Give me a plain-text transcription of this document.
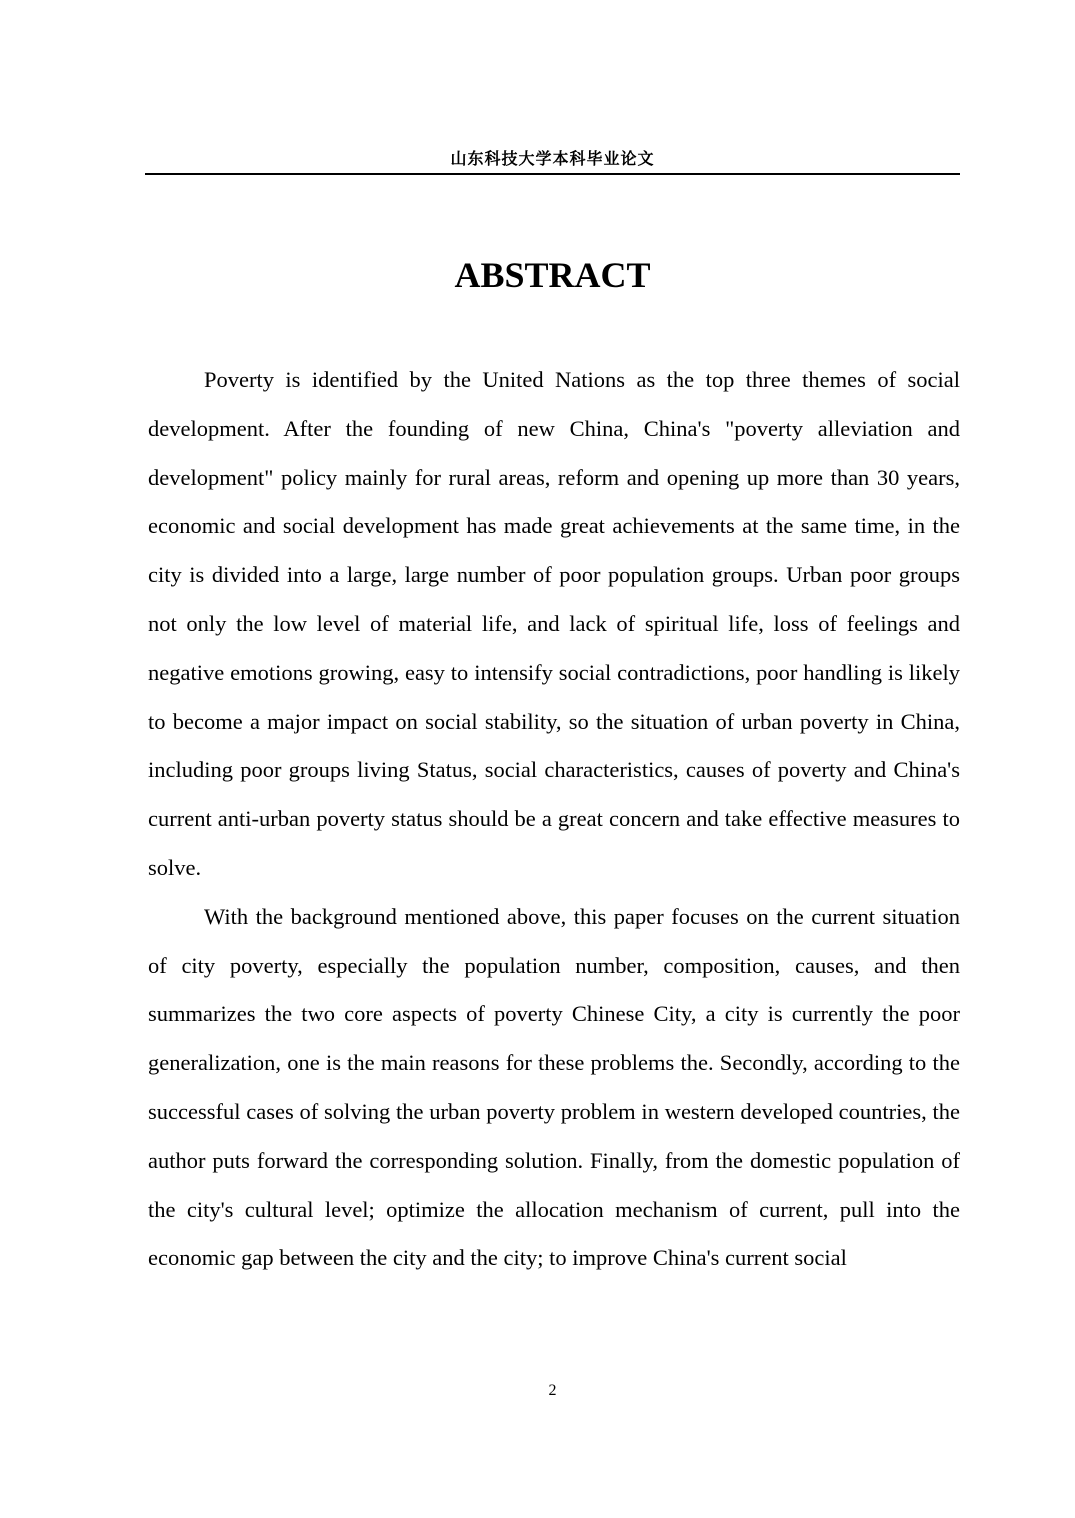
山东科技大学本科毕业论文
ABSTRACT

Poverty is identified by the United Nations as the top three themes of social development. After the founding of new China, China's "poverty alleviation and development" policy mainly for rural areas, reform and opening up more than 30 years, economic and social development has made great achievements at the same time, in the city is divided into a large, large number of poor population groups. Urban poor groups not only the low level of material life, and lack of spiritual life, loss of feelings and negative emotions growing, easy to intensify social contradictions, poor handling is likely to become a major impact on social stability, so the situation of urban poverty in China, including poor groups living Status, social characteristics, causes of poverty and China's current anti-urban poverty status should be a great concern and take effective measures to solve.

With the background mentioned above, this paper focuses on the current situation of city poverty, especially the population number, composition, causes, and then summarizes the two core aspects of poverty Chinese City, a city is currently the poor generalization, one is the main reasons for these problems the. Secondly, according to the successful cases of solving the urban poverty problem in western developed countries, the author puts forward the corresponding solution. Finally, from the domestic population of the city's cultural level; optimize the allocation mechanism of current, pull into the economic gap between the city and the city; to improve China's current social

2
